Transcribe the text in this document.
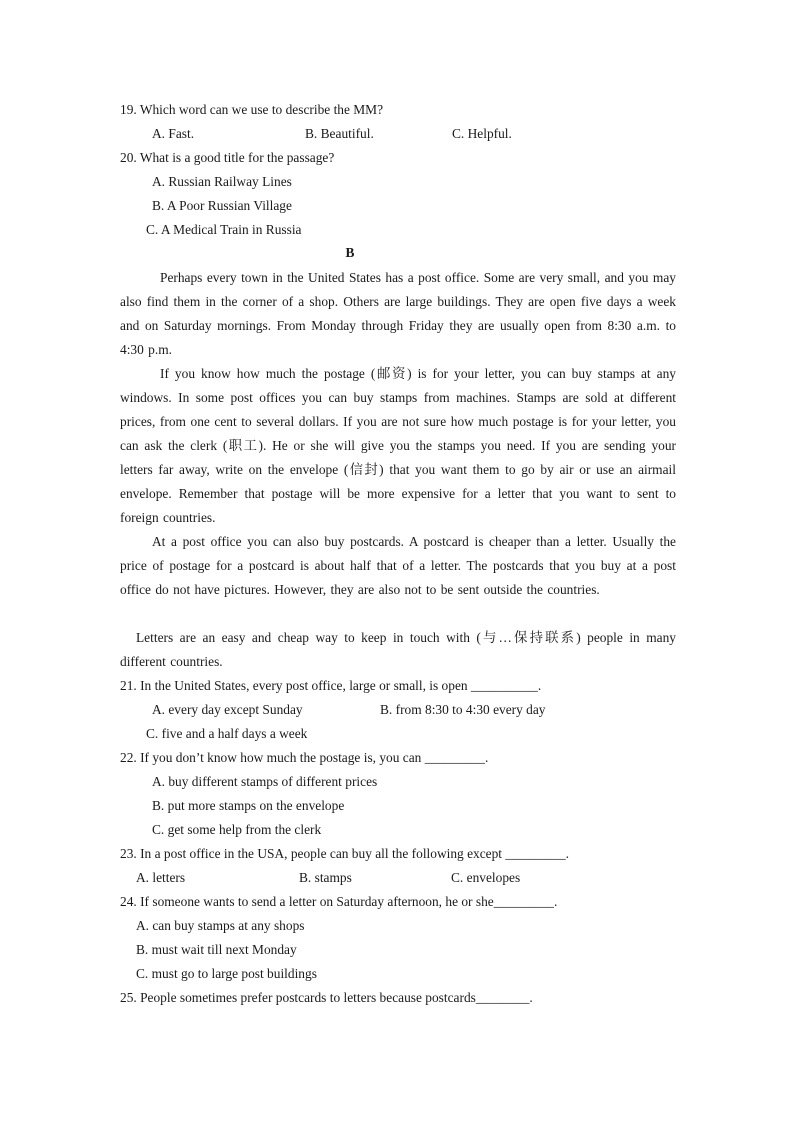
19. Which word can we use to describe the MM?
A. Fast.	B. Beautiful.	C. Helpful.
20. What is a good title for the passage?
A. Russian Railway Lines
B. A Poor Russian Village
C. A Medical Train in Russia
B
Perhaps every town in the United States has a post office. Some are very small, and you may also find them in the corner of a shop. Others are large buildings. They are open five days a week and on Saturday mornings. From Monday through Friday they are usually open from 8:30 a.m. to 4:30 p.m.
If you know how much the postage (邮资) is for your letter, you can buy stamps at any windows. In some post offices you can buy stamps from machines. Stamps are sold at different prices, from one cent to several dollars. If you are not sure how much postage is for your letter, you can ask the clerk (职工). He or she will give you the stamps you need. If you are sending your letters far away, write on the envelope (信封) that you want them to go by air or use an airmail envelope. Remember that postage will be more expensive for a letter that you want to sent to foreign countries.
At a post office you can also buy postcards. A postcard is cheaper than a letter. Usually the price of postage for a postcard is about half that of a letter. The postcards that you buy at a post office do not have pictures. However, they are also not to be sent outside the countries.
Letters are an easy and cheap way to keep in touch with (与…保持联系) people in many different countries.
21. In the United States, every post office, large or small, is open __________.
A. every day except Sunday	B. from 8:30 to 4:30 every day
C. five and a half days a week
22. If you don’t know how much the postage is, you can _________.
A. buy different stamps of different prices
B. put more stamps on the envelope
C. get some help from the clerk
23. In a post office in the USA, people can buy all the following except _________.
A. letters	B. stamps	C. envelopes
24. If someone wants to send a letter on Saturday afternoon, he or she_________.
A. can buy stamps at any shops
B. must wait till next Monday
C. must go to large post buildings
25. People sometimes prefer postcards to letters because postcards________.
